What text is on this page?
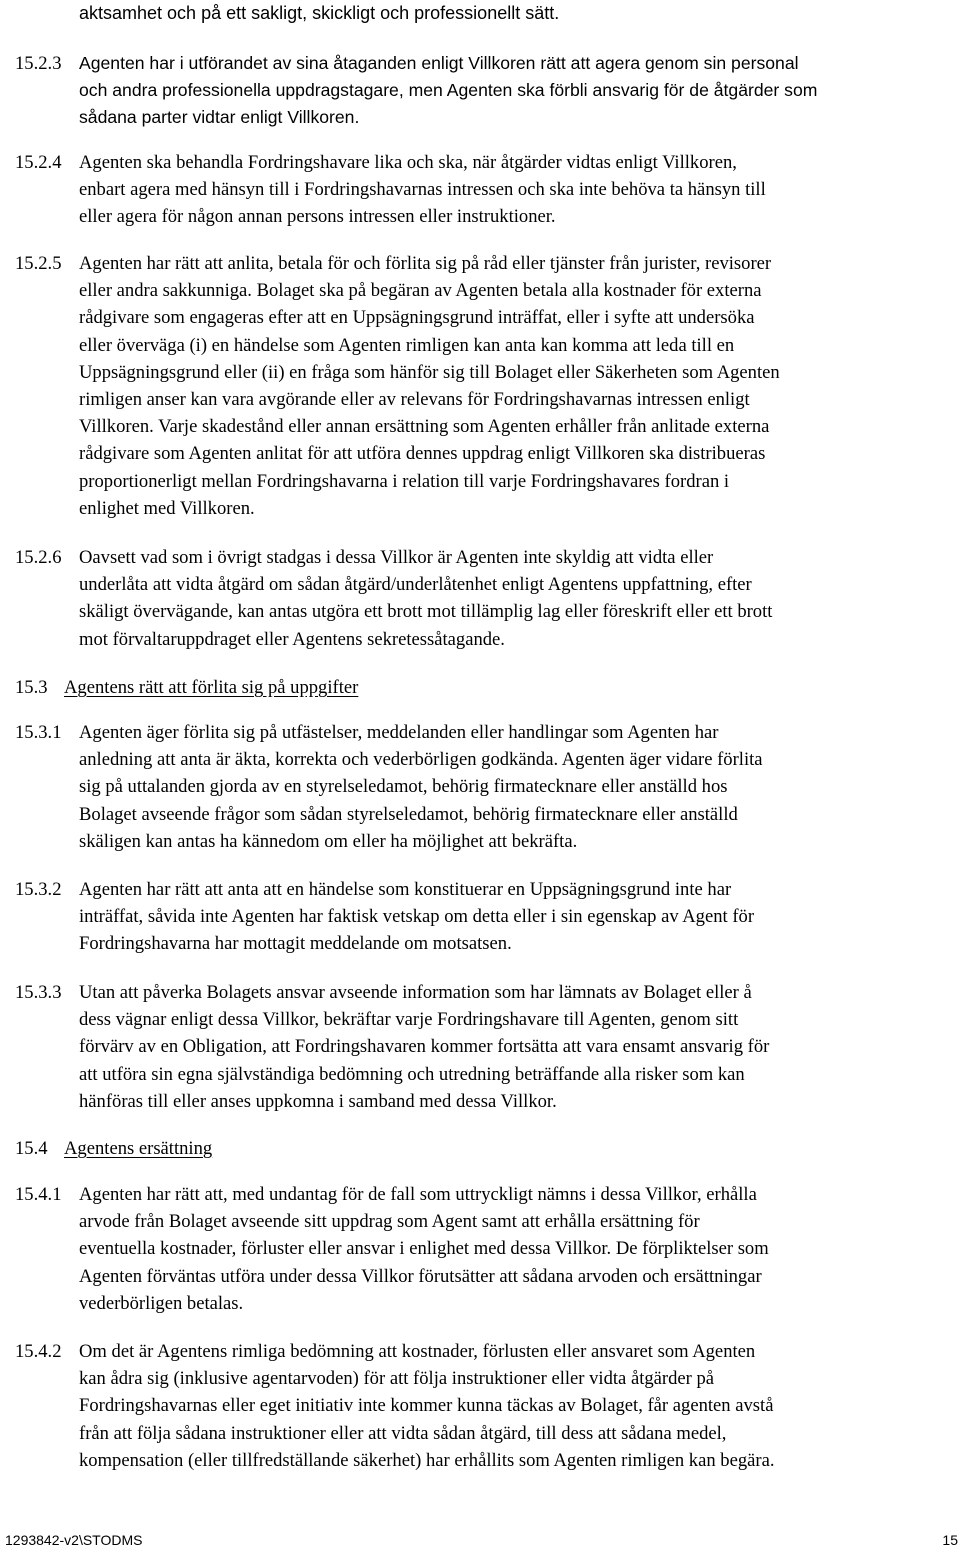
aktsamhet och på ett sakligt, skickligt och professionellt sätt.
15.2.3 Agenten har i utförandet av sina åtaganden enligt Villkoren rätt att agera genom sin personal
och andra professionella uppdragstagare, men Agenten ska förbli ansvarig för de åtgärder som
sådana parter vidtar enligt Villkoren.
15.2.4 Agenten ska behandla Fordringshavare lika och ska, när åtgärder vidtas enligt Villkoren,
enbart agera med hänsyn till i Fordringshavarnas intressen och ska inte behöva ta hänsyn till
eller agera för någon annan persons intressen eller instruktioner.
15.2.5 Agenten har rätt att anlita, betala för och förlita sig på råd eller tjänster från jurister, revisorer
eller andra sakkunniga. Bolaget ska på begäran av Agenten betala alla kostnader för externa
rådgivare som engageras efter att en Uppsägningsgrund inträffat, eller i syfte att undersöka
eller överväga (i) en händelse som Agenten rimligen kan anta kan komma att leda till en
Uppsägningsgrund eller (ii) en fråga som hänför sig till Bolaget eller Säkerheten som Agenten
rimligen anser kan vara avgörande eller av relevans för Fordringshavarnas intressen enligt
Villkoren. Varje skadestånd eller annan ersättning som Agenten erhåller från anlitade externa
rådgivare som Agenten anlitat för att utföra dennes uppdrag enligt Villkoren ska distribueras
proportionerligt mellan Fordringshavarna i relation till varje Fordringshavares fordran i
enlighet med Villkoren.
15.2.6 Oavsett vad som i övrigt stadgas i dessa Villkor är Agenten inte skyldig att vidta eller
underlåta att vidta åtgärd om sådan åtgärd/underlåtenhet enligt Agentens uppfattning, efter
skäligt övervägande, kan antas utgöra ett brott mot tillämplig lag eller föreskrift eller ett brott
mot förvaltaruppdraget eller Agentens sekretessåtagande.
15.3 Agentens rätt att förlita sig på uppgifter
15.3.1 Agenten äger förlita sig på utfästelser, meddelanden eller handlingar som Agenten har
anledning att anta är äkta, korrekta och vederbörligen godkända. Agenten äger vidare förlita
sig på uttalanden gjorda av en styrelseledamot, behörig firmatecknare eller anställd hos
Bolaget avseende frågor som sådan styrelseledamot, behörig firmatecknare eller anställd
skäligen kan antas ha kännedom om eller ha möjlighet att bekräfta.
15.3.2 Agenten har rätt att anta att en händelse som konstituerar en Uppsägningsgrund inte har
inträffat, såvida inte Agenten har faktisk vetskap om detta eller i sin egenskap av Agent för
Fordringshavarna har mottagit meddelande om motsatsen.
15.3.3 Utan att påverka Bolagets ansvar avseende information som har lämnats av Bolaget eller å
dess vägnar enligt dessa Villkor, bekräftar varje Fordringshavare till Agenten, genom sitt
förvärv av en Obligation, att Fordringshavaren kommer fortsätta att vara ensamt ansvarig för
att utföra sin egna självständiga bedömning och utredning beträffande alla risker som kan
hänföras till eller anses uppkomna i samband med dessa Villkor.
15.4 Agentens ersättning
15.4.1 Agenten har rätt att, med undantag för de fall som uttryckligt nämns i dessa Villkor, erhålla
arvode från Bolaget avseende sitt uppdrag som Agent samt att erhålla ersättning för
eventuella kostnader, förluster eller ansvar i enlighet med dessa Villkor. De förpliktelser som
Agenten förväntas utföra under dessa Villkor förutsätter att sådana arvoden och ersättningar
vederbörligen betalas.
15.4.2 Om det är Agentens rimliga bedömning att kostnader, förlusten eller ansvaret som Agenten
kan ådra sig (inklusive agentarvoden) för att följa instruktioner eller vidta åtgärder på
Fordringshavarnas eller eget initiativ inte kommer kunna täckas av Bolaget, får agenten avstå
från att följa sådana instruktioner eller att vidta sådan åtgärd, till dess att sådana medel,
kompensation (eller tillfredställande säkerhet) har erhållits som Agenten rimligen kan begära.
1293842-v2\STODMS	15
